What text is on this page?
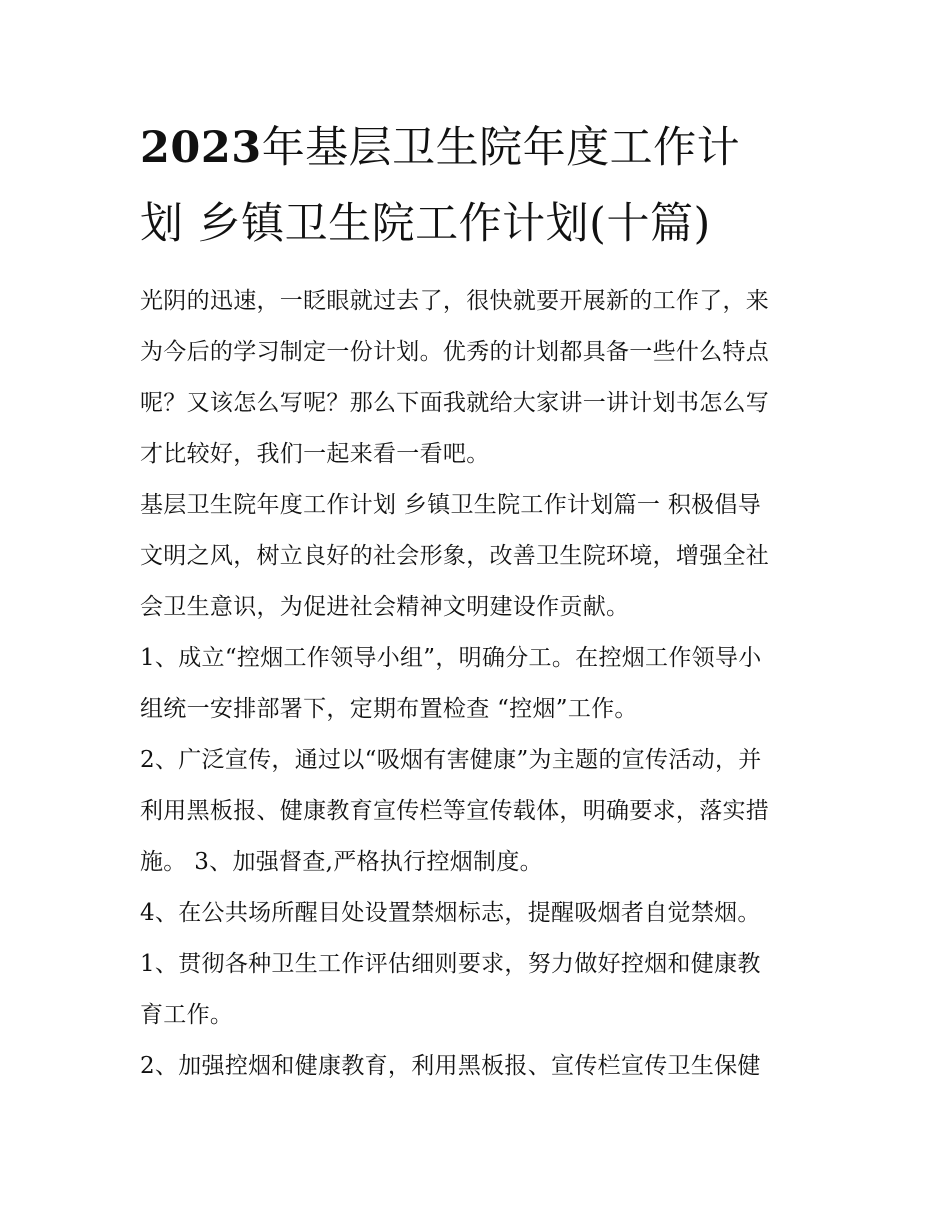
2023年基层卫生院年度工作计
划 乡镇卫生院工作计划(十篇)

光阴的迅速，一眨眼就过去了，很快就要开展新的工作了，来
为今后的学习制定一份计划。优秀的计划都具备一些什么特点
呢？又该怎么写呢？那么下面我就给大家讲一讲计划书怎么写
才比较好，我们一起来看一看吧。

基层卫生院年度工作计划 乡镇卫生院工作计划篇一 积极倡导
文明之风，树立良好的社会形象，改善卫生院环境，增强全社
会卫生意识，为促进社会精神文明建设作贡献。

1、成立“控烟工作领导小组”，明确分工。在控烟工作领导小
组统一安排部署下，定期布置检查 “控烟”工作。

2、广泛宣传，通过以“吸烟有害健康”为主题的宣传活动，并
利用黑板报、健康教育宣传栏等宣传载体，明确要求，落实措
施。 3、加强督查,严格执行控烟制度。

4、在公共场所醒目处设置禁烟标志，提醒吸烟者自觉禁烟。

1、贯彻各种卫生工作评估细则要求，努力做好控烟和健康教
育工作。

2、加强控烟和健康教育，利用黑板报、宣传栏宣传卫生保健
